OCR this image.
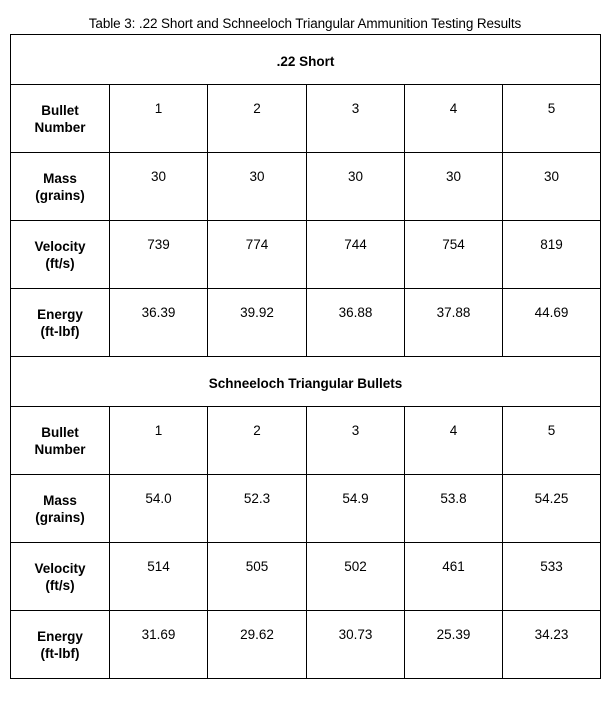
Table 3: .22 Short and Schneeloch Triangular Ammunition Testing Results
.22 Short					
Bullet
Number	1	2	3	4	5
Mass
(grains)	30	30	30	30	30
Velocity
(ft/s)	739	774	744	754	819
Energy
(ft-lbf)	36.39	39.92	36.88	37.88	44.69
Schneeloch Triangular Bullets					
Bullet
Number	1	2	3	4	5
Mass
(grains)	54.0	52.3	54.9	53.8	54.25
Velocity
(ft/s)	514	505	502	461	533
Energy
(ft-lbf)	31.69	29.62	30.73	25.39	34.23
